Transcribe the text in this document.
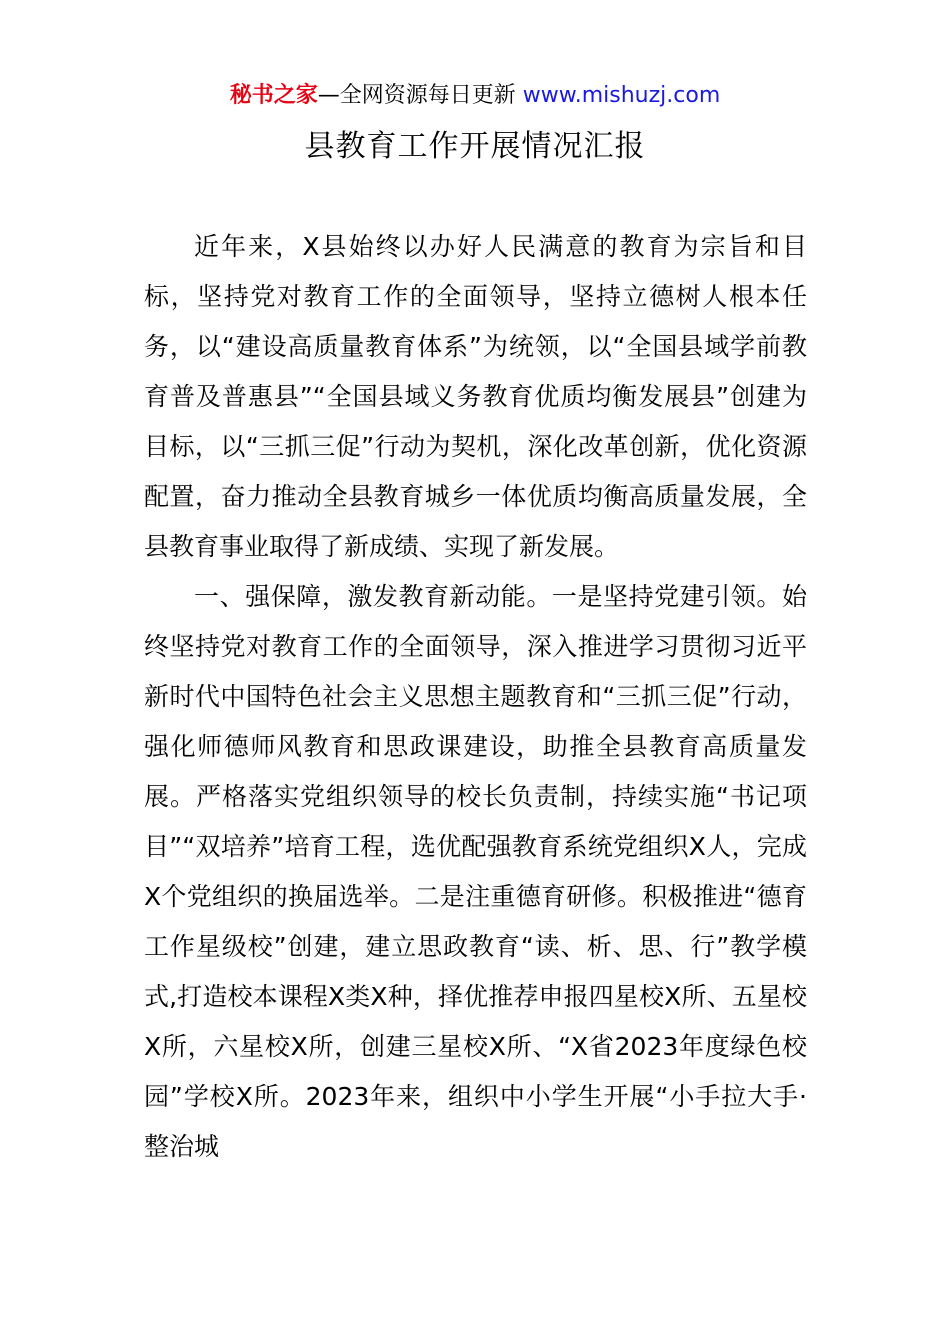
秘书之家—全网资源每日更新 www.mishuzj.com
县教育工作开展情况汇报

近年来，X县始终以办好人民满意的教育为宗旨和目标，坚持党对教育工作的全面领导，坚持立德树人根本任务，以“建设高质量教育体系”为统领，以“全国县域学前教育普及普惠县”“全国县域义务教育优质均衡发展县”创建为目标，以“三抓三促”行动为契机，深化改革创新，优化资源配置，奋力推动全县教育城乡一体优质均衡高质量发展，全县教育事业取得了新成绩、实现了新发展。

一、强保障，激发教育新动能。一是坚持党建引领。始终坚持党对教育工作的全面领导，深入推进学习贯彻习近平新时代中国特色社会主义思想主题教育和“三抓三促”行动，强化师德师风教育和思政课建设，助推全县教育高质量发展。严格落实党组织领导的校长负责制，持续实施“书记项目”“双培养”培育工程，选优配强教育系统党组织X人，完成X个党组织的换届选举。二是注重德育研修。积极推进“德育工作星级校”创建，建立思政教育“读、析、思、行”教学模式,打造校本课程X类X种，择优推荐申报四星校X所、五星校X所，六星校X所，创建三星校X所、“X省2023年度绿色校园”学校X所。2023年来，组织中小学生开展“小手拉大手·整治城
